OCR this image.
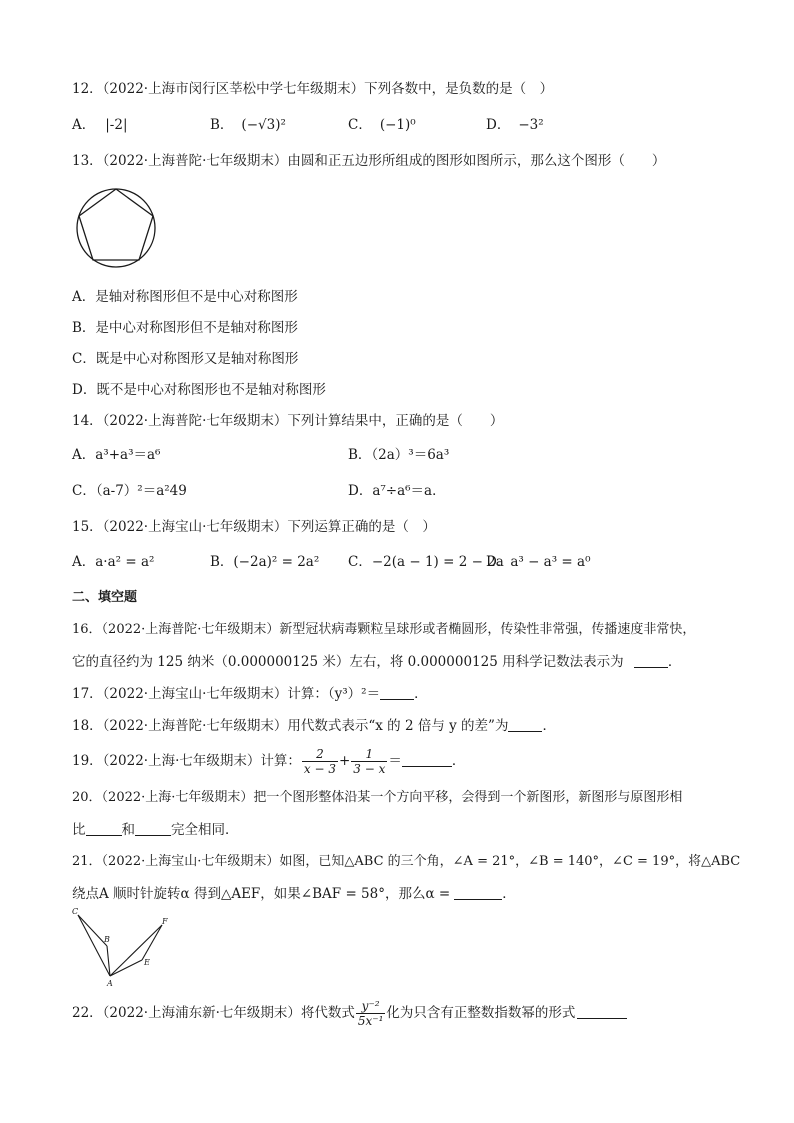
12．（2022·上海市闵行区莘松中学七年级期末）下列各数中，是负数的是（　）
A． |-2|	B． (−√3)²	C． (−1)⁰	D． −3²
13．（2022·上海普陀·七年级期末）由圆和正五边形所组成的图形如图所示，那么这个图形（　　）
A．是轴对称图形但不是中心对称图形
B．是中心对称图形但不是轴对称图形
C．既是中心对称图形又是轴对称图形
D．既不是中心对称图形也不是轴对称图形
14．（2022·上海普陀·七年级期末）下列计算结果中，正确的是（　　）
A．a³+a³＝a⁶	B．（2a）³＝6a³
C．（a-7）²＝a²49	D．a⁷÷a⁶＝a．
15．（2022·上海宝山·七年级期末）下列运算正确的是（　）
A．a·a² = a²	B．(−2a)² = 2a² C．−2(a − 1) = 2 − 2a
D．a³ − a³ = a⁰
二、填空题
16．（2022·上海普陀·七年级期末）新型冠状病毒颗粒呈球形或者椭圆形，传染性非常强，传播速度非常快，
它的直径约为 125 纳米（0.000000125 米）左右，将 0.000000125 用科学记数法表示为	．
17．（2022·上海宝山·七年级期末）计算：（y³）²＝	．
18．（2022·上海普陀·七年级期末）用代数式表示“x 的 2 倍与 y 的差”为	．
19．（2022·上海·七年级期末）计算： $\frac{2}{x - 3} + \frac{1}{3 - x}$ ＝	．
20．（2022·上海·七年级期末）把一个图形整体沿某一个方向平移，会得到一个新图形，新图形与原图形相
比	和	完全相同．
21．（2022·上海宝山·七年级期末）如图，已知△ABC 的三个角，∠A = 21°，∠B = 140°，∠C = 19°，将△ABC
绕点A 顺时针旋转α 得到△AEF，如果∠BAF = 58°，那么α =	．
C
B
F
E
A
22．（2022·上海浦东新·七年级期末）将代数式 $\frac{\text{y⁻²}}{\text{5x⁻¹}}$ 化为只含有正整数指数幂的形式
